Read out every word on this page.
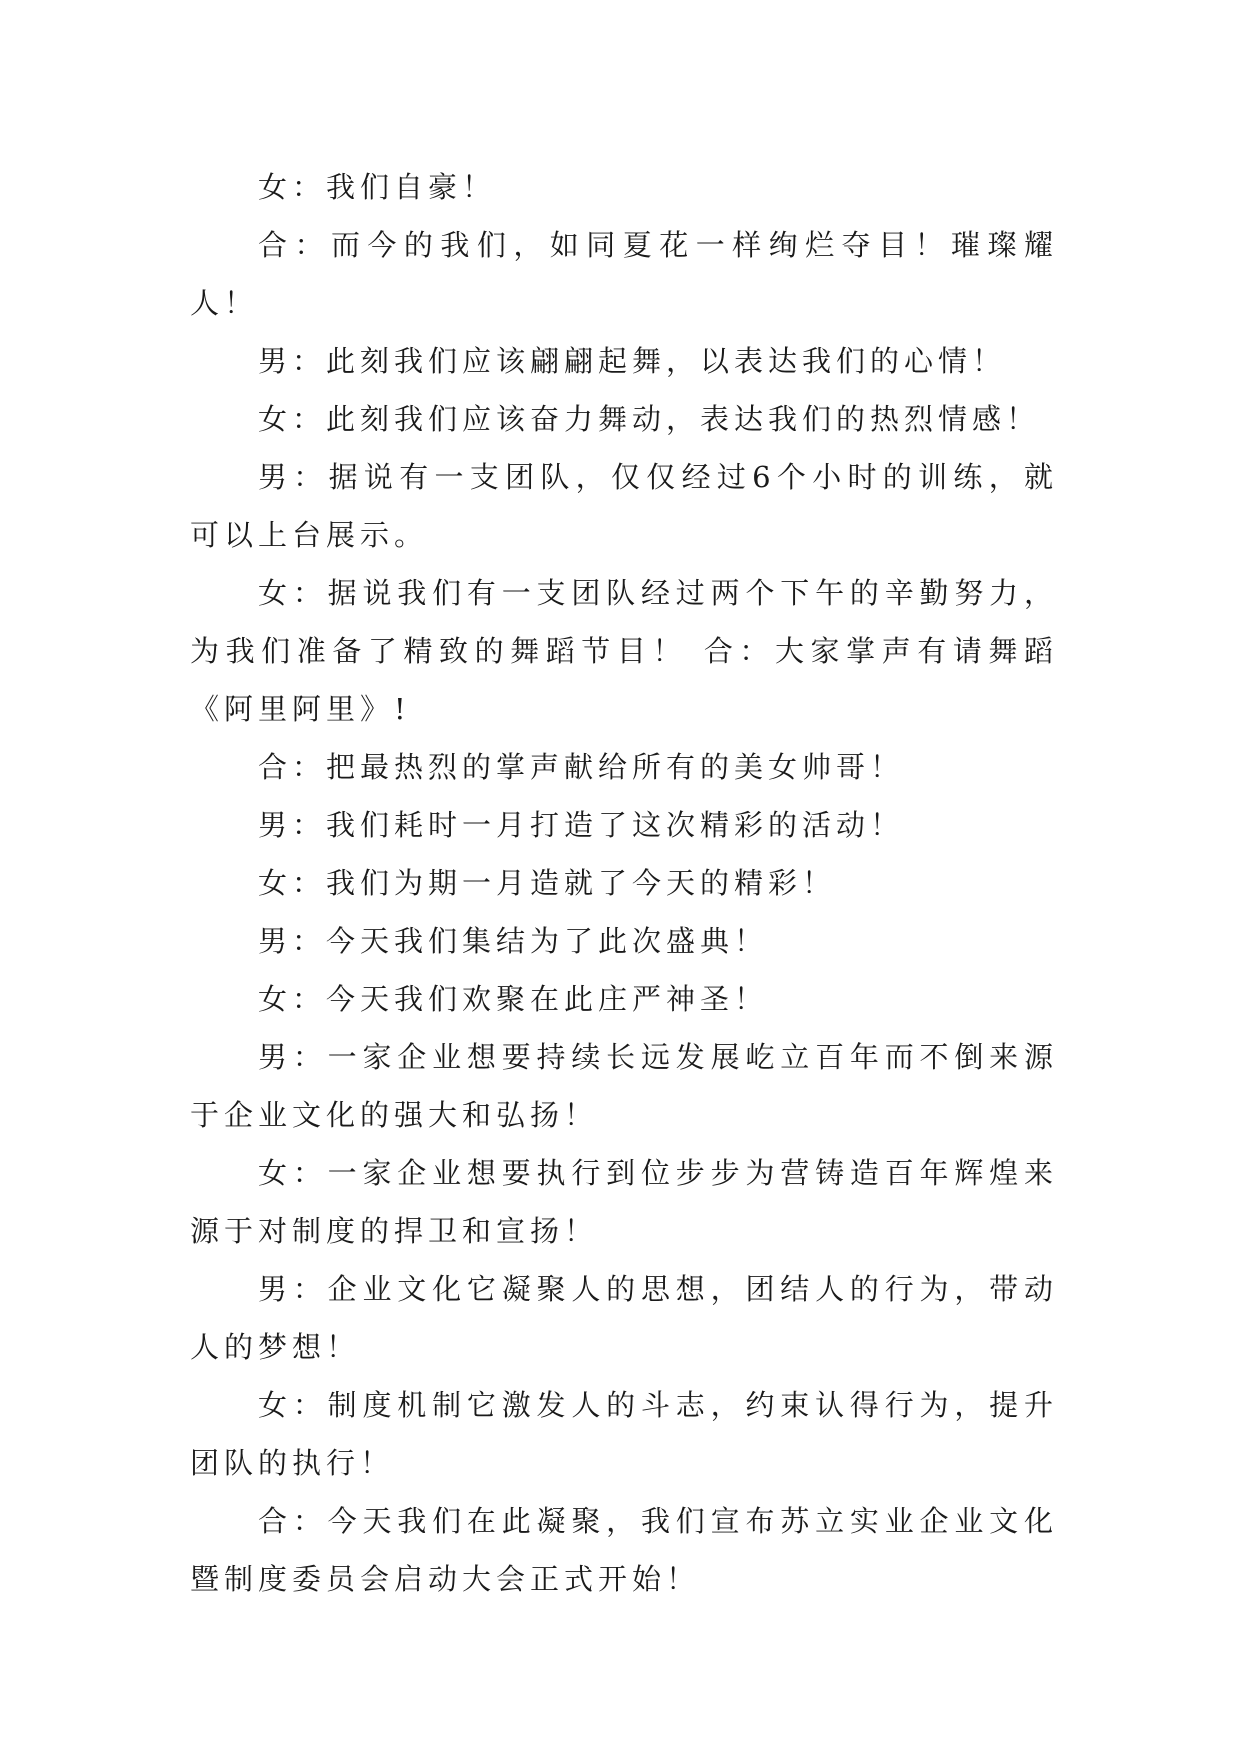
女：我们自豪！

合：而今的我们，如同夏花一样绚烂夺目！璀璨耀人！

男：此刻我们应该翩翩起舞，以表达我们的心情！

女：此刻我们应该奋力舞动，表达我们的热烈情感！

男：据说有一支团队，仅仅经过6个小时的训练，就可以上台展示。

女：据说我们有一支团队经过两个下午的辛勤努力，为我们准备了精致的舞蹈节目！ 合：大家掌声有请舞蹈《阿里阿里》!

合：把最热烈的掌声献给所有的美女帅哥！

男：我们耗时一月打造了这次精彩的活动！

女：我们为期一月造就了今天的精彩！

男：今天我们集结为了此次盛典！

女：今天我们欢聚在此庄严神圣！

男：一家企业想要持续长远发展屹立百年而不倒来源于企业文化的强大和弘扬！

女：一家企业想要执行到位步步为营铸造百年辉煌来源于对制度的捍卫和宣扬！

男：企业文化它凝聚人的思想，团结人的行为，带动人的梦想！

女：制度机制它激发人的斗志，约束认得行为，提升团队的执行！

合：今天我们在此凝聚，我们宣布苏立实业企业文化暨制度委员会启动大会正式开始！
